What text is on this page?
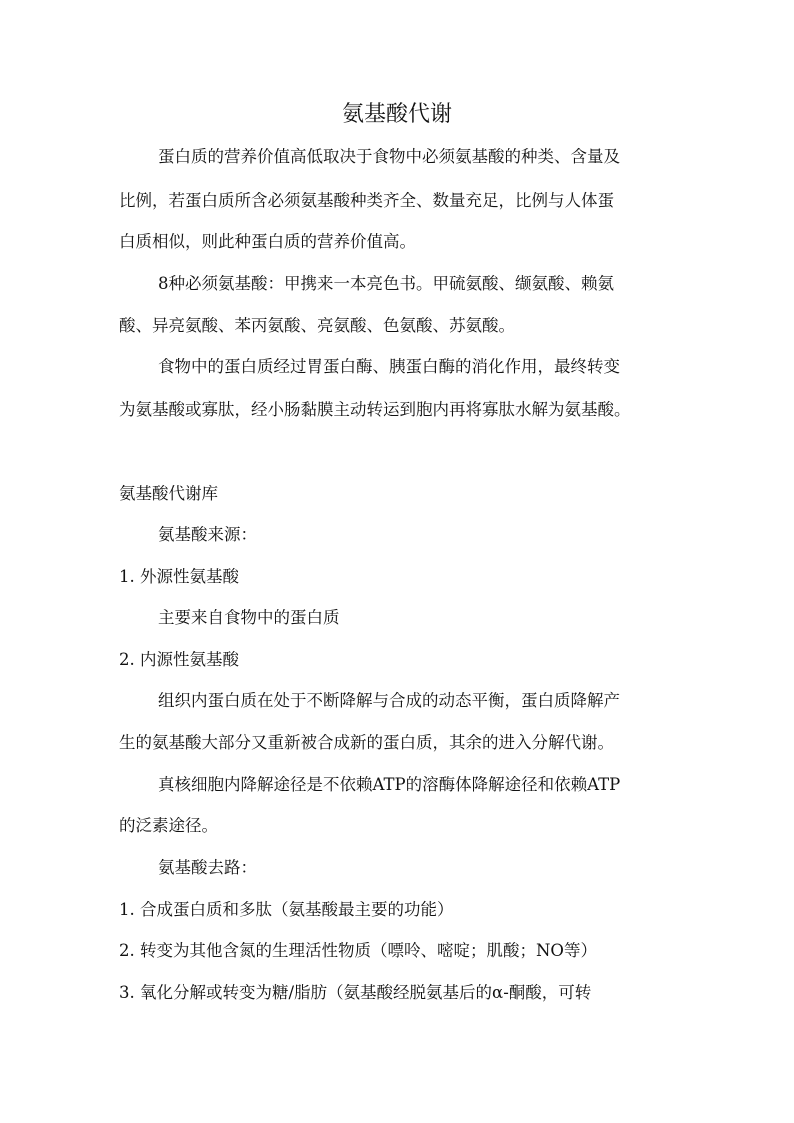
氨基酸代谢
蛋白质的营养价值高低取决于食物中必须氨基酸的种类、含量及
比例，若蛋白质所含必须氨基酸种类齐全、数量充足，比例与人体蛋
白质相似，则此种蛋白质的营养价值高。
8种必须氨基酸：甲携来一本亮色书。甲硫氨酸、缬氨酸、赖氨
酸、异亮氨酸、苯丙氨酸、亮氨酸、色氨酸、苏氨酸。
食物中的蛋白质经过胃蛋白酶、胰蛋白酶的消化作用，最终转变
为氨基酸或寡肽，经小肠黏膜主动转运到胞内再将寡肽水解为氨基酸。
氨基酸代谢库
氨基酸来源：
1. 外源性氨基酸
主要来自食物中的蛋白质
2. 内源性氨基酸
组织内蛋白质在处于不断降解与合成的动态平衡，蛋白质降解产
生的氨基酸大部分又重新被合成新的蛋白质，其余的进入分解代谢。
真核细胞内降解途径是不依赖ATP的溶酶体降解途径和依赖ATP
的泛素途径。
氨基酸去路：
1. 合成蛋白质和多肽（氨基酸最主要的功能）
2. 转变为其他含氮的生理活性物质（嘌呤、嘧啶；肌酸；NO等）
3. 氧化分解或转变为糖/脂肪（氨基酸经脱氨基后的α-酮酸，可转
